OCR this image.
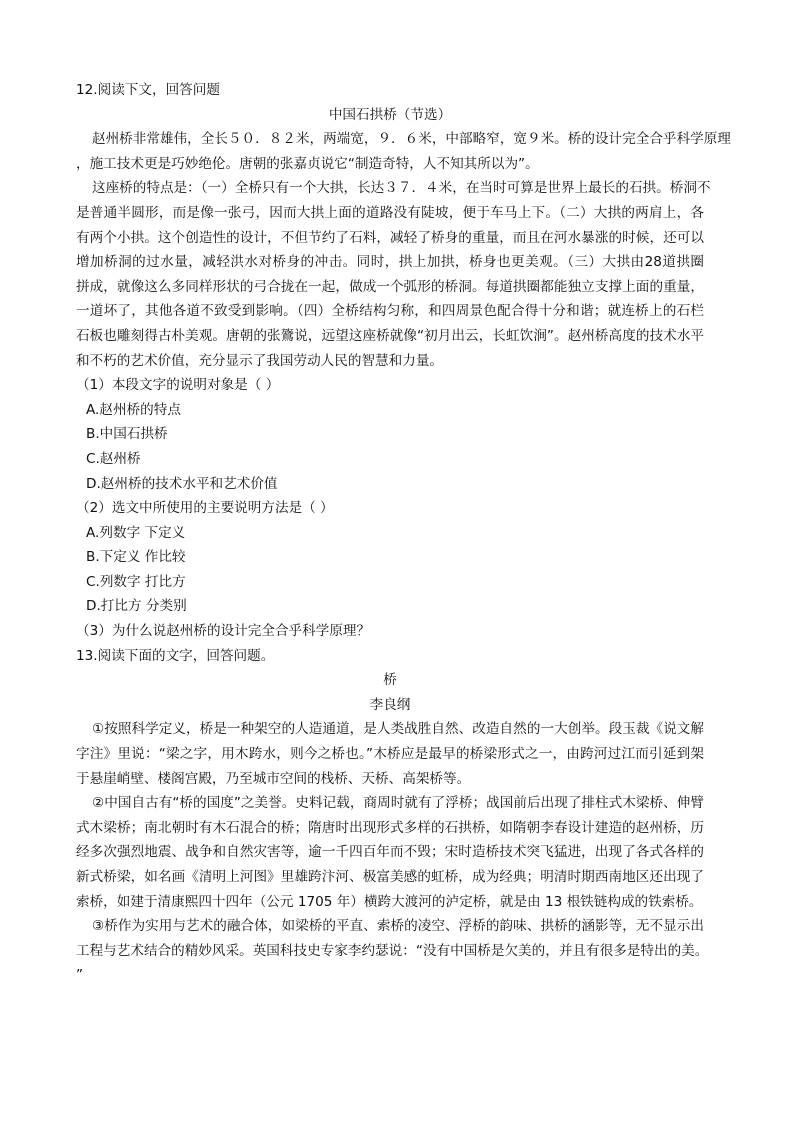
12.阅读下文，回答问题
中国石拱桥（节选）
赵州桥非常雄伟，全长５０．８２米，两端宽，９．６米，中部略窄，宽９米。桥的设计完全合乎科学原理
，施工技术更是巧妙绝伦。唐朝的张嘉贞说它“制造奇特，人不知其所以为”。
这座桥的特点是：（一）全桥只有一个大拱，长达３７．４米，在当时可算是世界上最长的石拱。桥洞不
是普通半圆形，而是像一张弓，因而大拱上面的道路没有陡坡，便于车马上下。（二）大拱的两肩上，各
有两个小拱。这个创造性的设计，不但节约了石料，减轻了桥身的重量，而且在河水暴涨的时候，还可以
增加桥洞的过水量，减轻洪水对桥身的冲击。同时，拱上加拱，桥身也更美观。（三）大拱由28道拱圈
拼成，就像这么多同样形状的弓合拢在一起，做成一个弧形的桥洞。每道拱圈都能独立支撑上面的重量，
一道坏了，其他各道不致受到影响。（四）全桥结构匀称，和四周景色配合得十分和谐；就连桥上的石栏
石板也雕刻得古朴美观。唐朝的张鷟说，远望这座桥就像“初月出云，长虹饮涧”。赵州桥高度的技术水平
和不朽的艺术价值，充分显示了我国劳动人民的智慧和力量。
（1）本段文字的说明对象是（ ）
A.赵州桥的特点
B.中国石拱桥
C.赵州桥
D.赵州桥的技术水平和艺术价值
（2）选文中所使用的主要说明方法是（ ）
A.列数字 下定义
B.下定义 作比较
C.列数字 打比方
D.打比方 分类别
（3）为什么说赵州桥的设计完全合乎科学原理？
13.阅读下面的文字，回答问题。
桥
李良纲
①按照科学定义，桥是一种架空的人造通道，是人类战胜自然、改造自然的一大创举。段玉裁《说文解
字注》里说：“梁之字，用木跨水，则今之桥也。”木桥应是最早的桥梁形式之一，由跨河过江而引延到架
于悬崖峭壁、楼阁宫殿，乃至城市空间的栈桥、天桥、高架桥等。
②中国自古有“桥的国度”之美誉。史料记载，商周时就有了浮桥；战国前后出现了排柱式木梁桥、伸臂
式木梁桥；南北朝时有木石混合的桥；隋唐时出现形式多样的石拱桥，如隋朝李春设计建造的赵州桥，历
经多次强烈地震、战争和自然灾害等，逾一千四百年而不毁；宋时造桥技术突飞猛进，出现了各式各样的
新式桥梁，如名画《清明上河图》里雄跨汴河、极富美感的虹桥，成为经典；明清时期西南地区还出现了
索桥，如建于清康熙四十四年（公元 1705 年）横跨大渡河的泸定桥，就是由 13 根铁链构成的铁索桥。
③桥作为实用与艺术的融合体，如梁桥的平直、索桥的凌空、浮桥的韵味、拱桥的涵影等，无不显示出
工程与艺术结合的精妙风采。英国科技史专家李约瑟说：“没有中国桥是欠美的，并且有很多是特出的美。
”
